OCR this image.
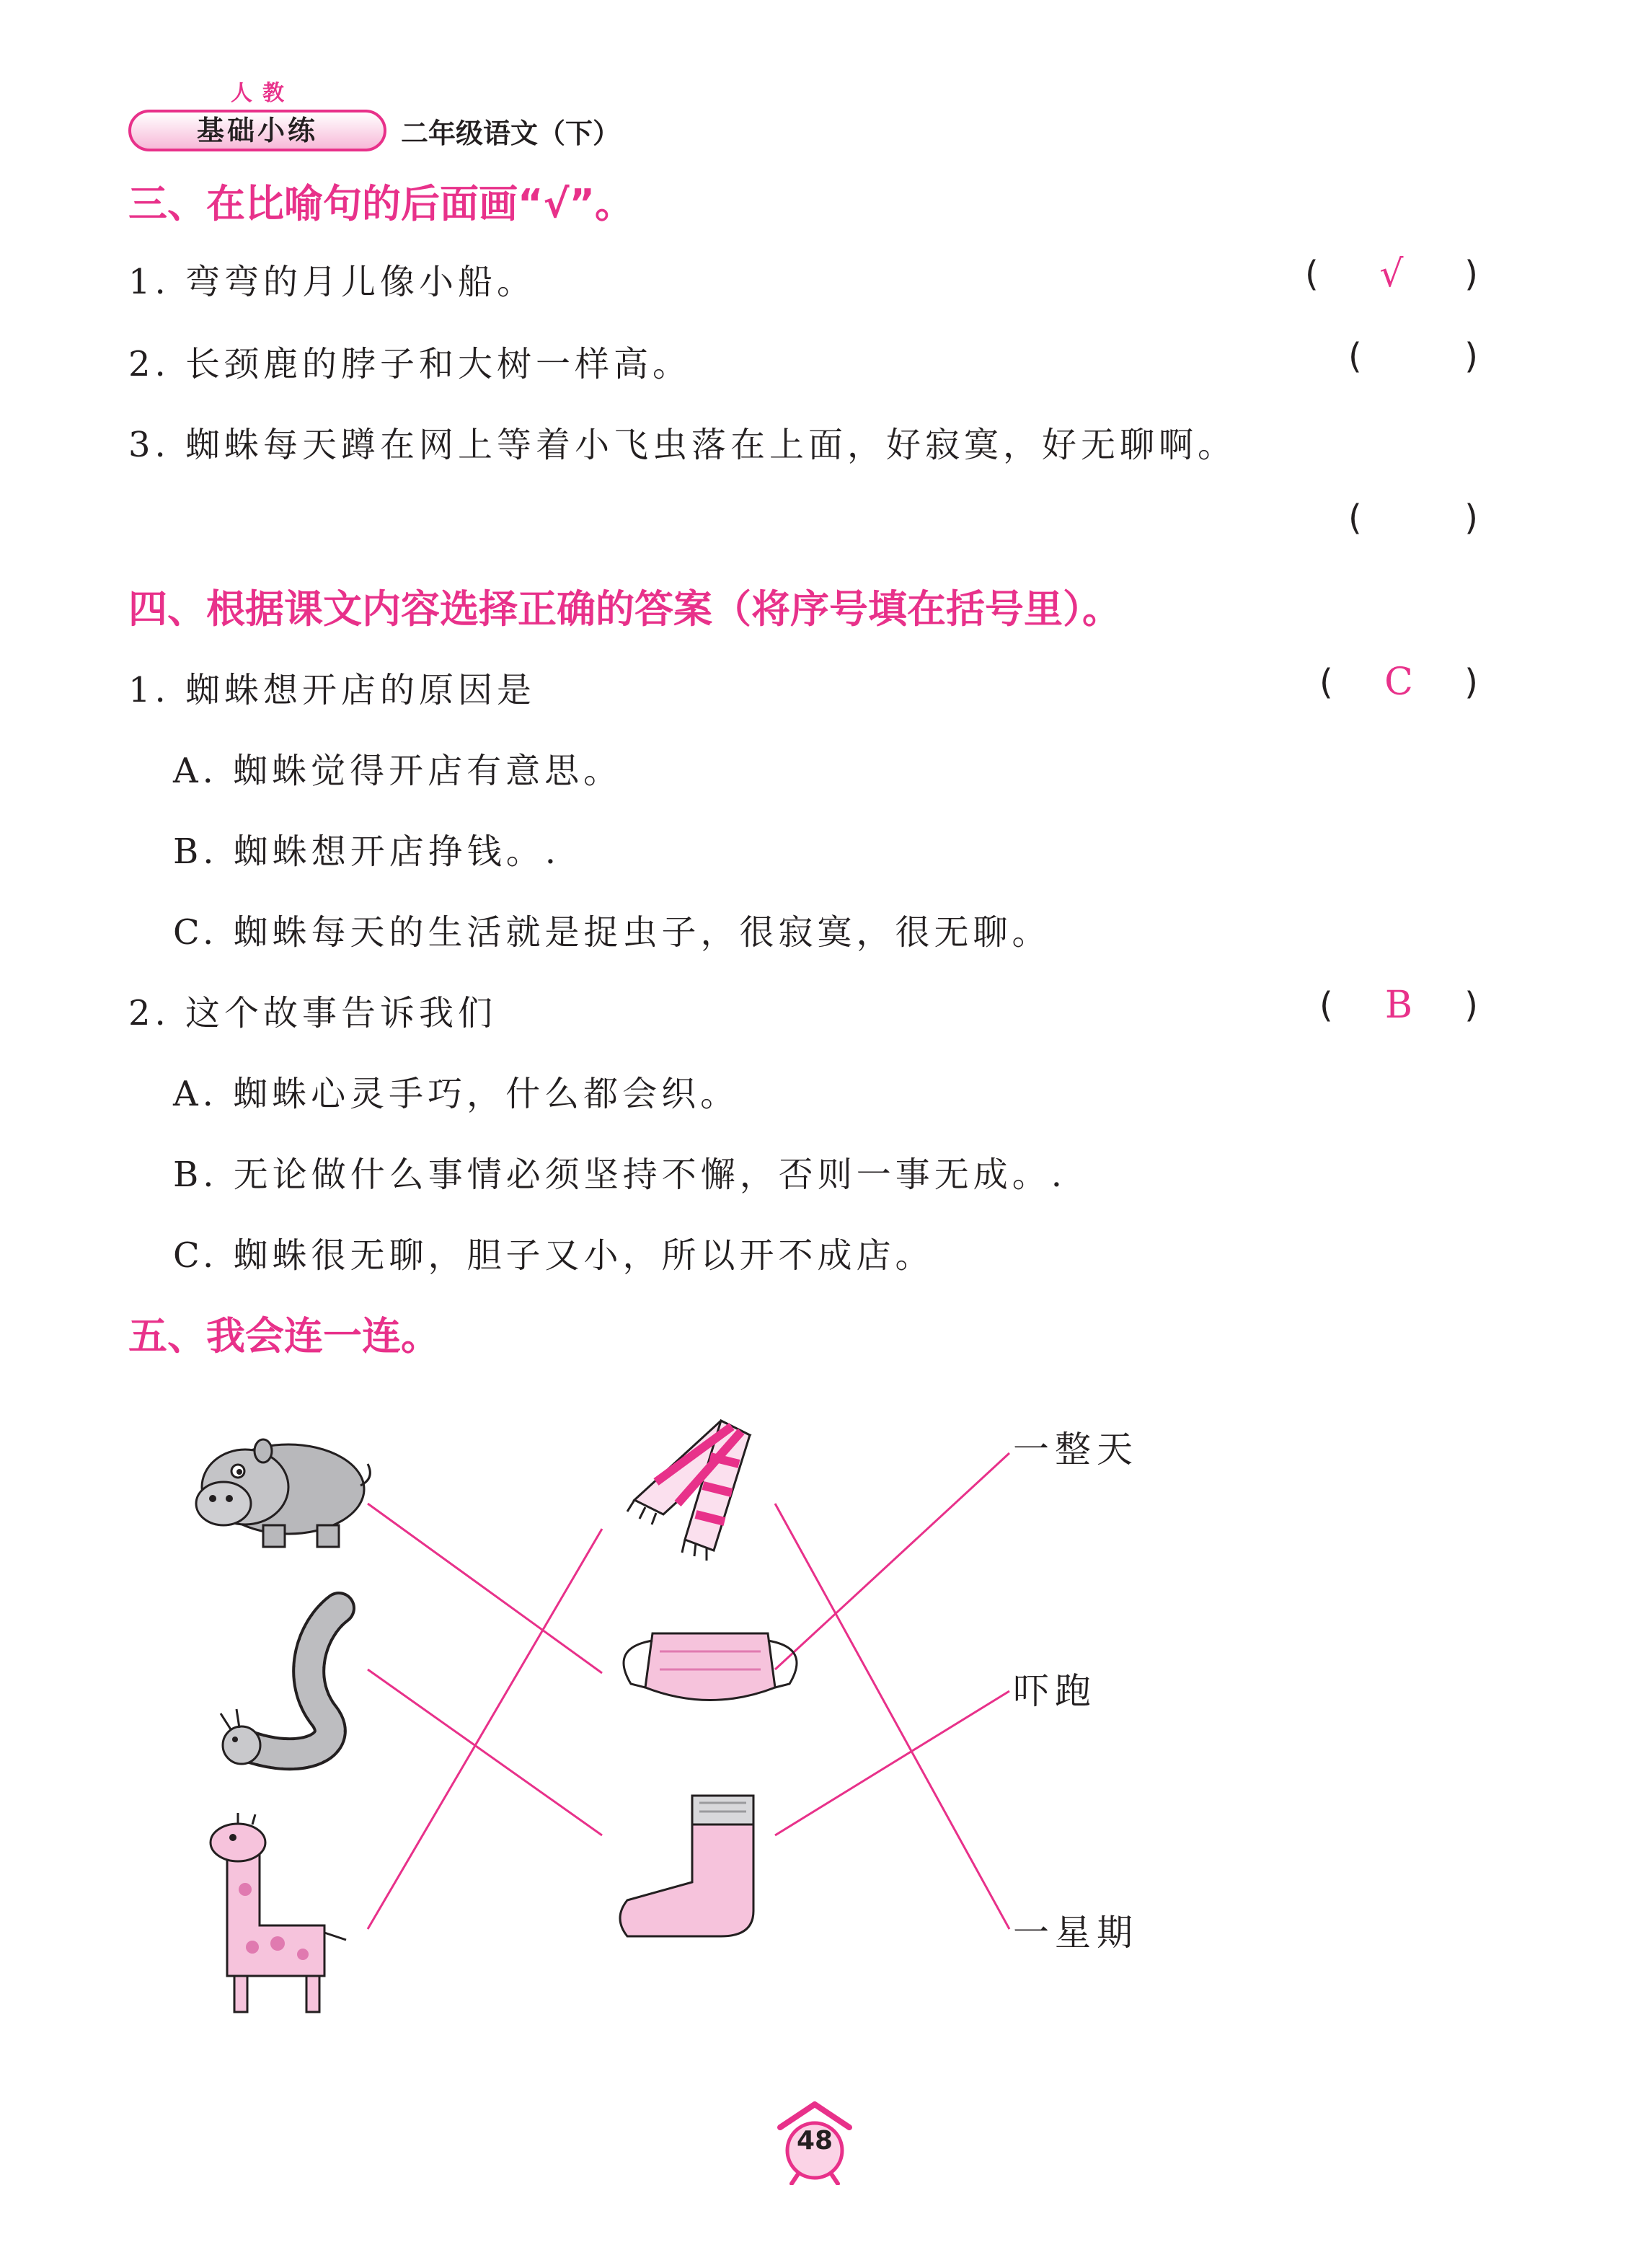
人教
基础小练	二年级语文（下）
三、在比喻句的后面画“√”。
1. 弯弯的月儿像小船。	(	√	)
2. 长颈鹿的脖子和大树一样高。	(	)
3. 蜘蛛每天蹲在网上等着小飞虫落在上面，好寂寞，好无聊啊。
(	)
四、根据课文内容选择正确的答案（将序号填在括号里）。
1. 蜘蛛想开店的原因是	(	C	)
A. 蜘蛛觉得开店有意思。
B. 蜘蛛想开店挣钱。.
C. 蜘蛛每天的生活就是捉虫子，很寂寞，很无聊。
2. 这个故事告诉我们	(	B	)
A. 蜘蛛心灵手巧，什么都会织。
B. 无论做什么事情必须坚持不懈，否则一事无成。.
C. 蜘蛛很无聊，胆子又小，所以开不成店。
五、我会连一连。
一整天
吓跑
一星期
48
